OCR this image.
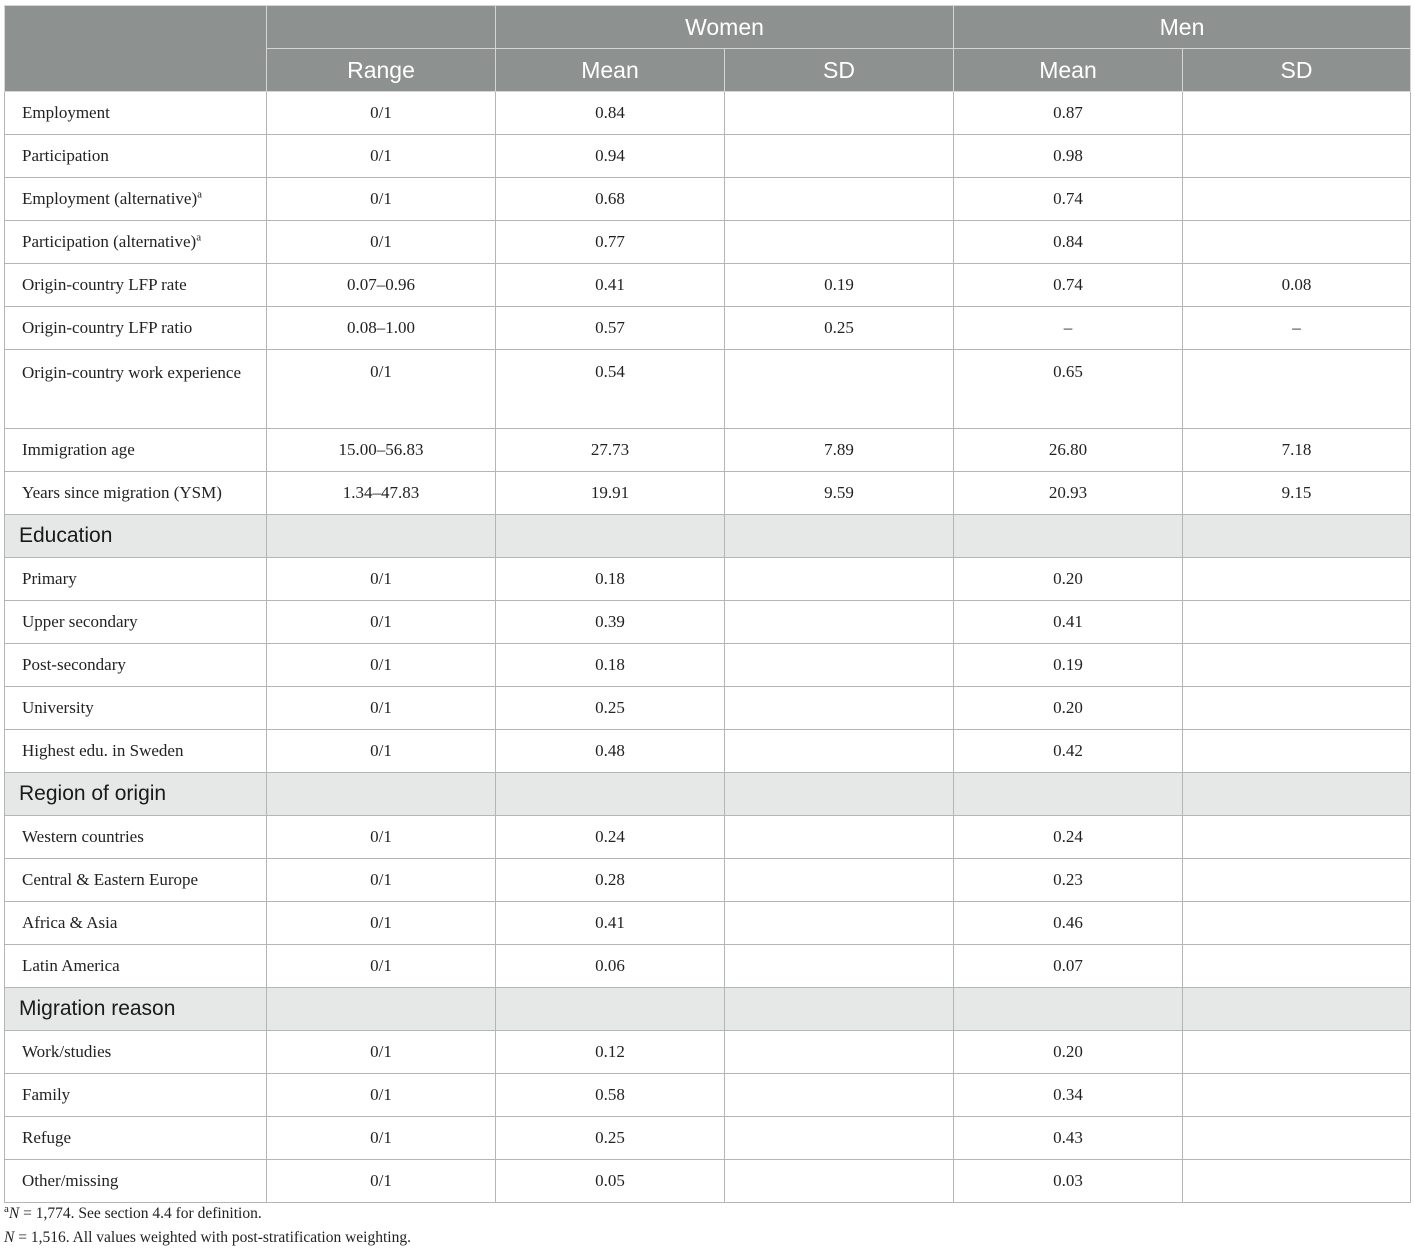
		Women		Men	
	Range	Mean	SD	Mean	SD
Employment	0/1	0.84		0.87	
Participation	0/1	0.94		0.98	
Employment (alternative)$^a$	0/1	0.68		0.74	
Participation (alternative)$^a$	0/1	0.77		0.84	
Origin-country LFP rate	0.07–0.96	0.41	0.19	0.74	0.08
Origin-country LFP ratio	0.08–1.00	0.57	0.25	–	–
Origin-country work experience	0/1	0.54		0.65	
Immigration age	15.00–56.83	27.73	7.89	26.80	7.18
Years since migration (YSM)	1.34–47.83	19.91	9.59	20.93	9.15
Education					
Primary	0/1	0.18		0.20	
Upper secondary	0/1	0.39		0.41	
Post-secondary	0/1	0.18		0.19	
University	0/1	0.25		0.20	
Highest edu. in Sweden	0/1	0.48		0.42	
Region of origin					
Western countries	0/1	0.24		0.24	
Central & Eastern Europe	0/1	0.28		0.23	
Africa & Asia	0/1	0.41		0.46	
Latin America	0/1	0.06		0.07	
Migration reason					
Work/studies	0/1	0.12		0.20	
Family	0/1	0.58		0.34	
Refuge	0/1	0.25		0.43	
Other/missing	0/1	0.05		0.03	
$^a$N = 1,774. See section 4.4 for definition.
N = 1,516. All values weighted with post-stratification weighting.
